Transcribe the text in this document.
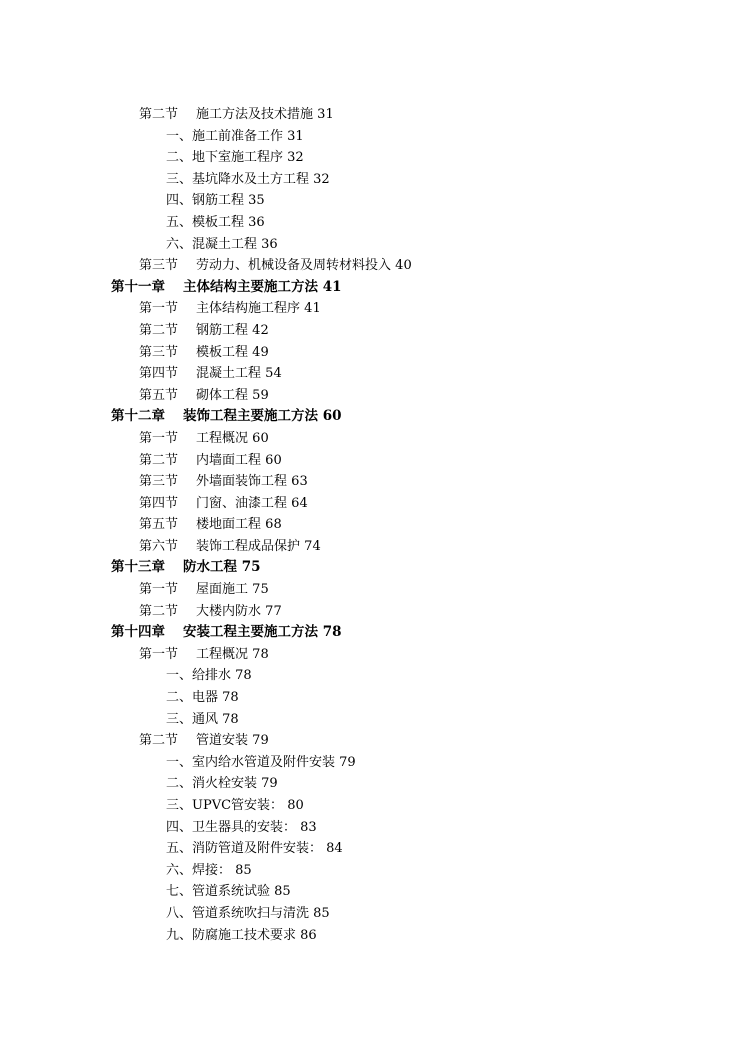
第二节 施工方法及技术措施 31
一、施工前准备工作 31
二、地下室施工程序 32
三、基坑降水及土方工程 32
四、钢筋工程 35
五、模板工程 36
六、混凝土工程 36
第三节 劳动力、机械设备及周转材料投入 40
第十一章 主体结构主要施工方法 41
第一节 主体结构施工程序 41
第二节 钢筋工程 42
第三节 模板工程 49
第四节 混凝土工程 54
第五节 砌体工程 59
第十二章 装饰工程主要施工方法 60
第一节 工程概况 60
第二节 内墙面工程 60
第三节 外墙面装饰工程 63
第四节 门窗、油漆工程 64
第五节 楼地面工程 68
第六节 装饰工程成品保护 74
第十三章 防水工程 75
第一节 屋面施工 75
第二节 大楼内防水 77
第十四章 安装工程主要施工方法 78
第一节 工程概况 78
一、给排水 78
二、电器 78
三、通风 78
第二节 管道安装 79
一、室内给水管道及附件安装 79
二、消火栓安装 79
三、UPVC管安装： 80
四、卫生器具的安装： 83
五、消防管道及附件安装： 84
六、焊接： 85
七、管道系统试验 85
八、管道系统吹扫与清洗 85
九、防腐施工技术要求 86
